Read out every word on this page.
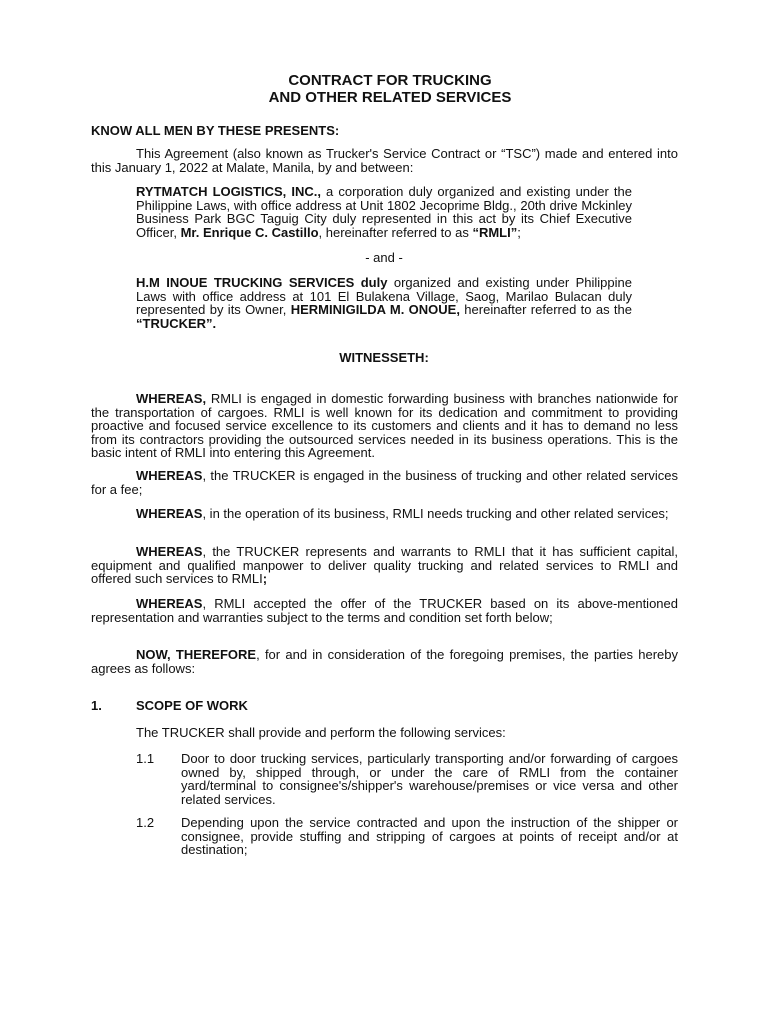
CONTRACT FOR TRUCKING

AND OTHER RELATED SERVICES

KNOW ALL MEN BY THESE PRESENTS:

This Agreement (also known as Trucker's Service Contract or “TSC”) made and entered into this January 1, 2022 at Malate, Manila, by and between:

RYTMATCH LOGISTICS, INC., a corporation duly organized and existing under the Philippine Laws, with office address at Unit 1802 Jecoprime Bldg., 20th drive Mckinley Business Park BGC Taguig City duly represented in this act by its Chief Executive Officer, Mr. Enrique C. Castillo, hereinafter referred to as “RMLI”;

- and -

H.M INOUE TRUCKING SERVICES duly organized and existing under Philippine Laws with office address at 101 El Bulakena Village, Saog, Marilao Bulacan duly represented by its Owner, HERMINIGILDA M. ONOUE, hereinafter referred to as the “TRUCKER”.

WITNESSETH:

WHEREAS, RMLI is engaged in domestic forwarding business with branches nationwide for the transportation of cargoes. RMLI is well known for its dedication and commitment to providing proactive and focused service excellence to its customers and clients and it has to demand no less from its contractors providing the outsourced services needed in its business operations. This is the basic intent of RMLI into entering this Agreement.

WHEREAS, the TRUCKER is engaged in the business of trucking and other related services for a fee;

WHEREAS, in the operation of its business, RMLI needs trucking and other related services;

WHEREAS, the TRUCKER represents and warrants to RMLI that it has sufficient capital, equipment and qualified manpower to deliver quality trucking and related services to RMLI and offered such services to RMLI;

WHEREAS, RMLI accepted the offer of the TRUCKER based on its above-mentioned representation and warranties subject to the terms and condition set forth below;

NOW, THEREFORE, for and in consideration of the foregoing premises, the parties hereby agrees as follows:

1.	SCOPE OF WORK

The TRUCKER shall provide and perform the following services:

1.1 Door to door trucking services, particularly transporting and/or forwarding of cargoes owned by, shipped through, or under the care of RMLI from the container yard/terminal to consignee's/shipper's warehouse/premises or vice versa and other related services.

1.2 Depending upon the service contracted and upon the instruction of the shipper or consignee, provide stuffing and stripping of cargoes at points of receipt and/or at destination;
